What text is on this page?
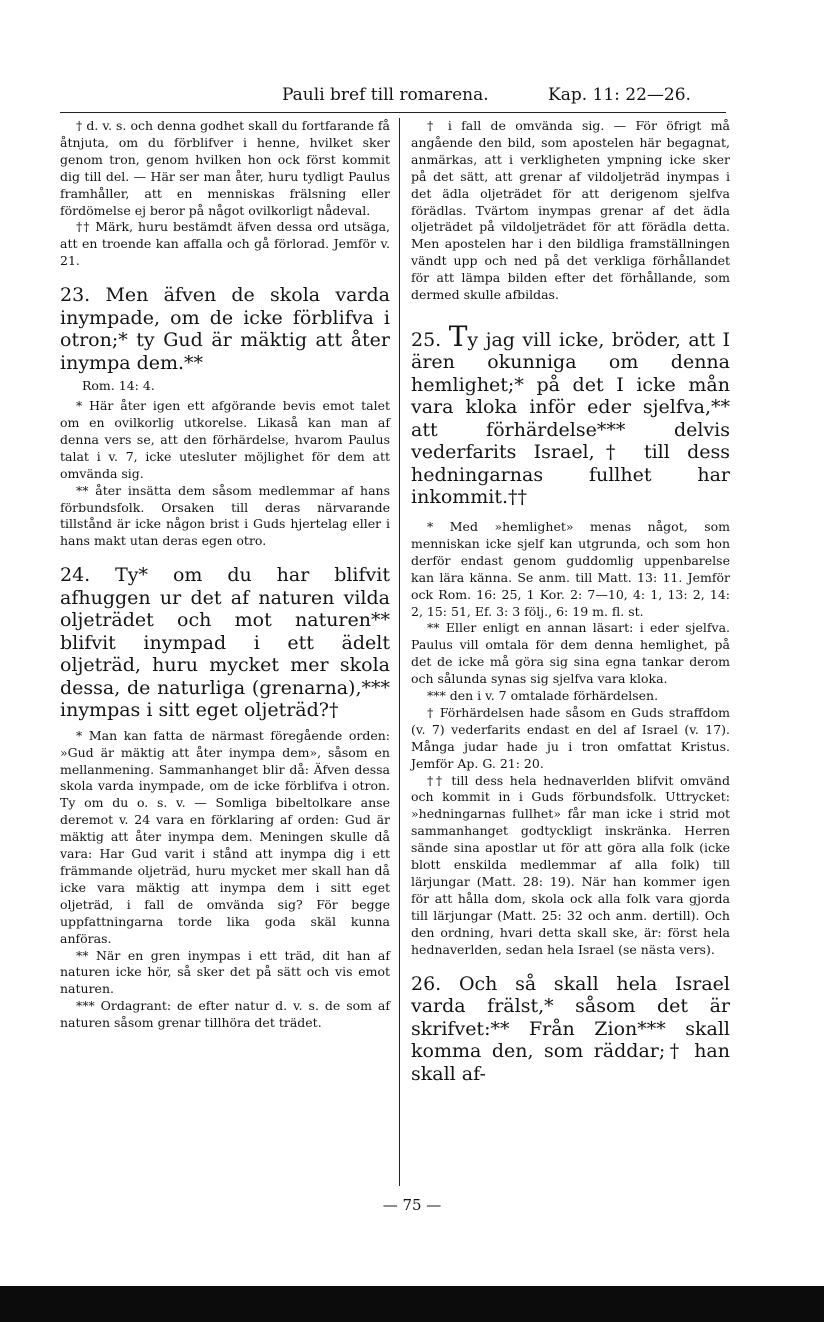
Pauli bref till romarena.	Kap. 11: 22—26.

† d. v. s. och denna godhet skall du fortfarande få åtnjuta, om du förblifver i henne, hvilket sker genom tron, genom hvilken hon ock först kommit dig till del. — Här ser man åter, huru tydligt Paulus framhåller, att en menniskas frälsning eller fördömelse ej beror på något ovilkorligt nådeval.

†† Märk, huru bestämdt äfven dessa ord utsäga, att en troende kan affalla och gå förlorad. Jemför v. 21.

23. Men äfven de skola varda inympade, om de icke förblifva i otron;* ty Gud är mäktig att åter inympa dem.**

Rom. 14: 4.

* Här åter igen ett afgörande bevis emot talet om en ovilkorlig utkorelse. Likaså kan man af denna vers se, att den förhärdelse, hvarom Paulus talat i v. 7, icke utesluter möjlighet för dem att omvända sig.

** åter insätta dem såsom medlemmar af hans förbundsfolk. Orsaken till deras närvarande tillstånd är icke någon brist i Guds hjertelag eller i hans makt utan deras egen otro.

24. Ty* om du har blifvit afhuggen ur det af naturen vilda oljeträdet och mot naturen** blifvit inympad i ett ädelt oljeträd, huru mycket mer skola dessa, de naturliga (grenarna),*** inympas i sitt eget oljeträd?†

* Man kan fatta de närmast föregående orden: »Gud är mäktig att åter inympa dem», såsom en mellanmening. Sammanhanget blir då: Äfven dessa skola varda inympade, om de icke förblifva i otron. Ty om du o. s. v. — Somliga bibeltolkare anse deremot v. 24 vara en förklaring af orden: Gud är mäktig att åter inympa dem. Meningen skulle då vara: Har Gud varit i stånd att inympa dig i ett främmande oljeträd, huru mycket mer skall han då icke vara mäktig att inympa dem i sitt eget oljeträd, i fall de omvända sig? För begge uppfattningarna torde lika goda skäl kunna anföras.

** När en gren inympas i ett träd, dit han af naturen icke hör, så sker det på sätt och vis emot naturen.

*** Ordagrant: de efter natur d. v. s. de som af naturen såsom grenar tillhöra det trädet.

† i fall de omvända sig. — För öfrigt må angående den bild, som apostelen här begagnat, anmärkas, att i verkligheten ympning icke sker på det sätt, att grenar af vildoljeträd inympas i det ädla oljeträdet för att derigenom sjelfva förädlas. Tvärtom inympas grenar af det ädla oljeträdet på vildoljeträdet för att förädla detta. Men apostelen har i den bildliga framställningen vändt upp och ned på det verkliga förhållandet för att lämpa bilden efter det förhållande, som dermed skulle afbildas.

25. Ty jag vill icke, bröder, att I ären okunniga om denna hemlighet;* på det I icke mån vara kloka inför eder sjelfva,** att förhärdelse*** delvis vederfarits Israel,† till dess hedningarnas fullhet har inkommit.††

* Med »hemlighet» menas något, som menniskan icke sjelf kan utgrunda, och som hon derför endast genom guddomlig uppenbarelse kan lära känna. Se anm. till Matt. 13: 11. Jemför ock Rom. 16: 25, 1 Kor. 2: 7—10, 4: 1, 13: 2, 14: 2, 15: 51, Ef. 3: 3 följ., 6: 19 m. fl. st.

** Eller enligt en annan läsart: i eder sjelfva. Paulus vill omtala för dem denna hemlighet, på det de icke må göra sig sina egna tankar derom och sålunda synas sig sjelfva vara kloka.

*** den i v. 7 omtalade förhärdelsen.

† Förhärdelsen hade såsom en Guds straffdom (v. 7) vederfarits endast en del af Israel (v. 17). Många judar hade ju i tron omfattat Kristus. Jemför Ap. G. 21: 20.

†† till dess hela hednaverlden blifvit omvänd och kommit in i Guds förbundsfolk. Uttrycket: »hedningarnas fullhet» får man icke i strid mot sammanhanget godtyckligt inskränka. Herren sände sina apostlar ut för att göra alla folk (icke blott enskilda medlemmar af alla folk) till lärjungar (Matt. 28: 19). När han kommer igen för att hålla dom, skola ock alla folk vara gjorda till lärjungar (Matt. 25: 32 och anm. dertill). Och den ordning, hvari detta skall ske, är: först hela hednaverlden, sedan hela Israel (se nästa vers).

26. Och så skall hela Israel varda frälst,* såsom det är skrifvet:** Från Zion*** skall komma den, som räddar;† han skall af-

— 75 —
